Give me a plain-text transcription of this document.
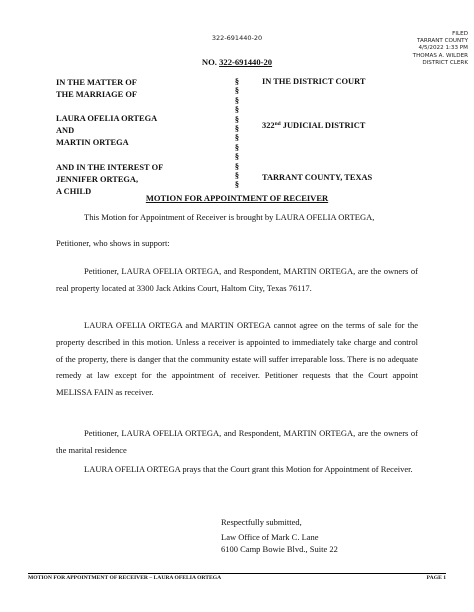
322-691440-20	FILED
TARRANT COUNTY
4/5/2022 1:33 PM
THOMAS A. WILDER
DISTRICT CLERK
NO. 322-691440-20
IN THE MATTER OF
THE MARRIAGE OF
LAURA OFELIA ORTEGA
AND
MARTIN ORTEGA
AND IN THE INTEREST OF
JENNIFER ORTEGA,
A CHILD
§
§
§
§
§
§
§
§
§
§
§
§
IN THE DISTRICT COURT
322nd JUDICIAL DISTRICT
TARRANT COUNTY, TEXAS
MOTION FOR APPOINTMENT OF RECEIVER

This Motion for Appointment of Receiver is brought by LAURA OFELIA ORTEGA,

Petitioner, who shows in support:

Petitioner, LAURA OFELIA ORTEGA, and Respondent, MARTIN ORTEGA, are the owners of real property located at 3300 Jack Atkins Court, Haltom City, Texas 76117.

LAURA OFELIA ORTEGA and MARTIN ORTEGA cannot agree on the terms of sale for the property described in this motion. Unless a receiver is appointed to immediately take charge and control of the property, there is danger that the community estate will suffer irreparable loss. There is no adequate remedy at law except for the appointment of receiver. Petitioner requests that the Court appoint MELISSA FAIN as receiver.

Petitioner, LAURA OFELIA ORTEGA, and Respondent, MARTIN ORTEGA, are the owners of the marital residence

LAURA OFELIA ORTEGA prays that the Court grant this Motion for Appointment of Receiver.

Respectfully submitted,
Law Office of Mark C. Lane
6100 Camp Bowie Blvd., Suite 22
MOTION FOR APPOINTMENT OF RECEIVER – LAURA OFELIA ORTEGA	PAGE 1
